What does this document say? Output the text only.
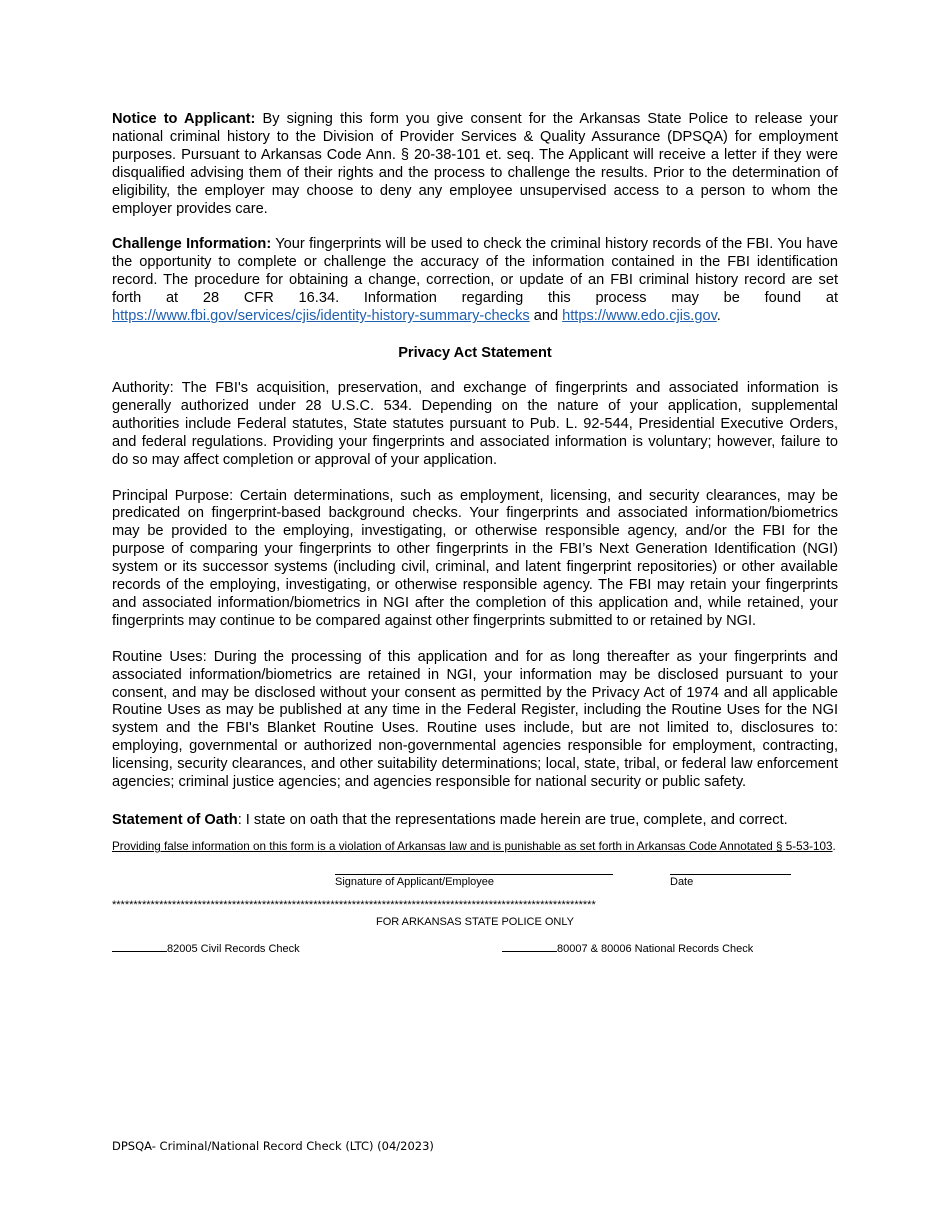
Notice to Applicant: By signing this form you give consent for the Arkansas State Police to release your national criminal history to the Division of Provider Services & Quality Assurance (DPSQA) for employment purposes. Pursuant to Arkansas Code Ann. § 20-38-101 et. seq. The Applicant will receive a letter if they were disqualified advising them of their rights and the process to challenge the results. Prior to the determination of eligibility, the employer may choose to deny any employee unsupervised access to a person to whom the employer provides care.

Challenge Information: Your fingerprints will be used to check the criminal history records of the FBI. You have the opportunity to complete or challenge the accuracy of the information contained in the FBI identification record. The procedure for obtaining a change, correction, or update of an FBI criminal history record are set forth at 28 CFR 16.34. Information regarding this process may be found at https://www.fbi.gov/services/cjis/identity-history-summary-checks and https://www.edo.cjis.gov.

Privacy Act Statement

Authority: The FBI's acquisition, preservation, and exchange of fingerprints and associated information is generally authorized under 28 U.S.C. 534. Depending on the nature of your application, supplemental authorities include Federal statutes, State statutes pursuant to Pub. L. 92-544, Presidential Executive Orders, and federal regulations. Providing your fingerprints and associated information is voluntary; however, failure to do so may affect completion or approval of your application.

Principal Purpose: Certain determinations, such as employment, licensing, and security clearances, may be predicated on fingerprint-based background checks. Your fingerprints and associated information/biometrics may be provided to the employing, investigating, or otherwise responsible agency, and/or the FBI for the purpose of comparing your fingerprints to other fingerprints in the FBI’s Next Generation Identification (NGI) system or its successor systems (including civil, criminal, and latent fingerprint repositories) or other available records of the employing, investigating, or otherwise responsible agency. The FBI may retain your fingerprints and associated information/biometrics in NGI after the completion of this application and, while retained, your fingerprints may continue to be compared against other fingerprints submitted to or retained by NGI.

Routine Uses: During the processing of this application and for as long thereafter as your fingerprints and associated information/biometrics are retained in NGI, your information may be disclosed pursuant to your consent, and may be disclosed without your consent as permitted by the Privacy Act of 1974 and all applicable Routine Uses as may be published at any time in the Federal Register, including the Routine Uses for the NGI system and the FBI's Blanket Routine Uses. Routine uses include, but are not limited to, disclosures to: employing, governmental or authorized non-governmental agencies responsible for employment, contracting, licensing, security clearances, and other suitability determinations; local, state, tribal, or federal law enforcement agencies; criminal justice agencies; and agencies responsible for national security or public safety.

Statement of Oath: I state on oath that the representations made herein are true, complete, and correct.

Providing false information on this form is a violation of Arkansas law and is punishable as set forth in Arkansas Code Annotated § 5-53-103.

Signature of Applicant/Employee	Date
*****************************************************************************************************************
FOR ARKANSAS STATE POLICE ONLY
82005 Civil Records Check	80007 & 80006 National Records Check
DPSQA- Criminal/National Record Check (LTC) (04/2023)
